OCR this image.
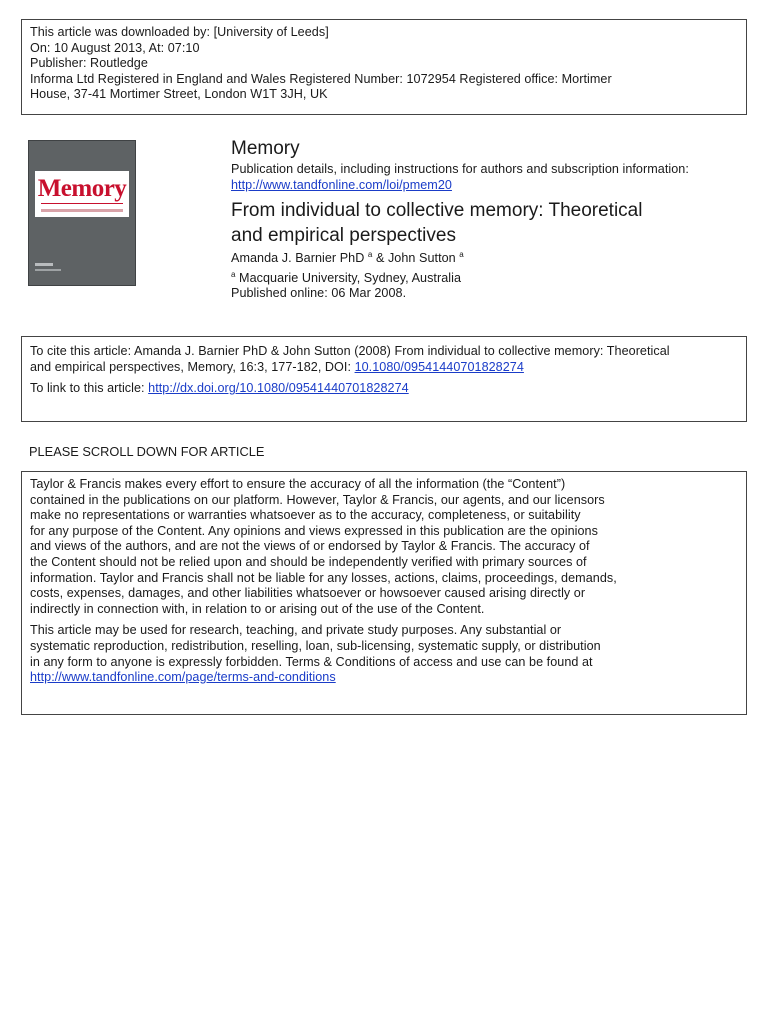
This article was downloaded by: [University of Leeds]
On: 10 August 2013, At: 07:10
Publisher: Routledge
Informa Ltd Registered in England and Wales Registered Number: 1072954 Registered office: Mortimer
House, 37-41 Mortimer Street, London W1T 3JH, UK

Memory

Memory

Publication details, including instructions for authors and subscription information:

http://www.tandfonline.com/loi/pmem20

From individual to collective memory: Theoretical
and empirical perspectives

Amanda J. Barnier PhD $^a$ & John Sutton $^a$

$^a$ Macquarie University, Sydney, Australia

Published online: 06 Mar 2008.

To cite this article: Amanda J. Barnier PhD & John Sutton (2008) From individual to collective memory: Theoretical
and empirical perspectives, Memory, 16:3, 177-182, DOI: 10.1080/09541440701828274

To link to this article: http://dx.doi.org/10.1080/09541440701828274

PLEASE SCROLL DOWN FOR ARTICLE

Taylor & Francis makes every effort to ensure the accuracy of all the information (the “Content”)
contained in the publications on our platform. However, Taylor & Francis, our agents, and our licensors
make no representations or warranties whatsoever as to the accuracy, completeness, or suitability
for any purpose of the Content. Any opinions and views expressed in this publication are the opinions
and views of the authors, and are not the views of or endorsed by Taylor & Francis. The accuracy of
the Content should not be relied upon and should be independently verified with primary sources of
information. Taylor and Francis shall not be liable for any losses, actions, claims, proceedings, demands,
costs, expenses, damages, and other liabilities whatsoever or howsoever caused arising directly or
indirectly in connection with, in relation to or arising out of the use of the Content.

This article may be used for research, teaching, and private study purposes. Any substantial or
systematic reproduction, redistribution, reselling, loan, sub-licensing, systematic supply, or distribution
in any form to anyone is expressly forbidden. Terms & Conditions of access and use can be found at
http://www.tandfonline.com/page/terms-and-conditions
